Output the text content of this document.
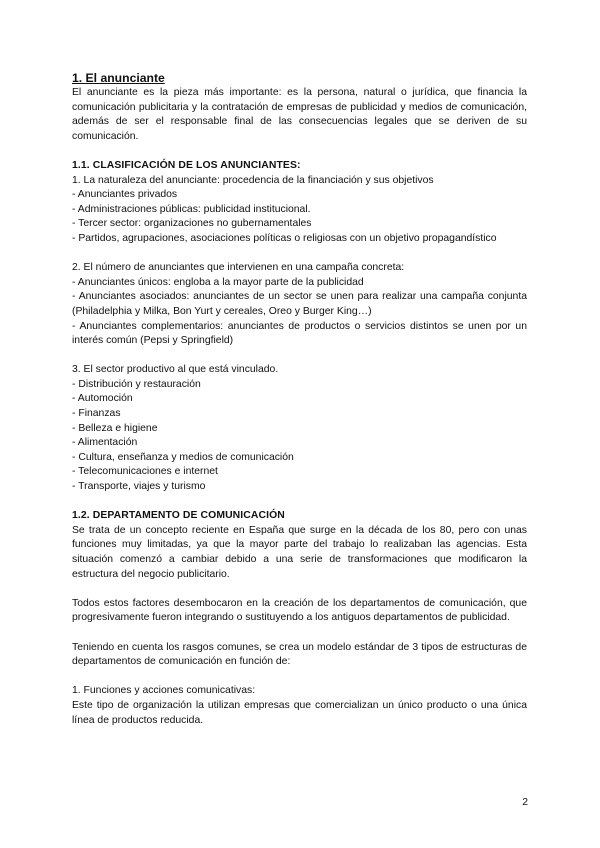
1. El anunciante

El anunciante es la pieza más importante: es la persona, natural o jurídica, que financia la comunicación publicitaria y la contratación de empresas de publicidad y medios de comunicación, además de ser el responsable final de las consecuencias legales que se deriven de su comunicación.

1.1. CLASIFICACIÓN DE LOS ANUNCIANTES:

1. La naturaleza del anunciante: procedencia de la financiación y sus objetivos

- Anunciantes privados
- Administraciones públicas: publicidad institucional.
- Tercer sector: organizaciones no gubernamentales
- Partidos, agrupaciones, asociaciones políticas o religiosas con un objetivo propagandístico

2. El número de anunciantes que intervienen en una campaña concreta:

- Anunciantes únicos: engloba a la mayor parte de la publicidad
- Anunciantes asociados: anunciantes de un sector se unen para realizar una campaña conjunta (Philadelphia y Milka, Bon Yurt y cereales, Oreo y Burger King…)
- Anunciantes complementarios: anunciantes de productos o servicios distintos se unen por un interés común (Pepsi y Springfield)

3. El sector productivo al que está vinculado.

- Distribución y restauración
- Automoción
- Finanzas
- Belleza e higiene
- Alimentación
- Cultura, enseñanza y medios de comunicación
- Telecomunicaciones e internet
- Transporte, viajes y turismo
1.2. DEPARTAMENTO DE COMUNICACIÓN

Se trata de un concepto reciente en España que surge en la década de los 80, pero con unas funciones muy limitadas, ya que la mayor parte del trabajo lo realizaban las agencias. Esta situación comenzó a cambiar debido a una serie de transformaciones que modificaron la estructura del negocio publicitario.

Todos estos factores desembocaron en la creación de los departamentos de comunicación, que progresivamente fueron integrando o sustituyendo a los antiguos departamentos de publicidad.

Teniendo en cuenta los rasgos comunes, se crea un modelo estándar de 3 tipos de estructuras de departamentos de comunicación en función de:

1. Funciones y acciones comunicativas:

Este tipo de organización la utilizan empresas que comercializan un único producto o una única línea de productos reducida.

2
